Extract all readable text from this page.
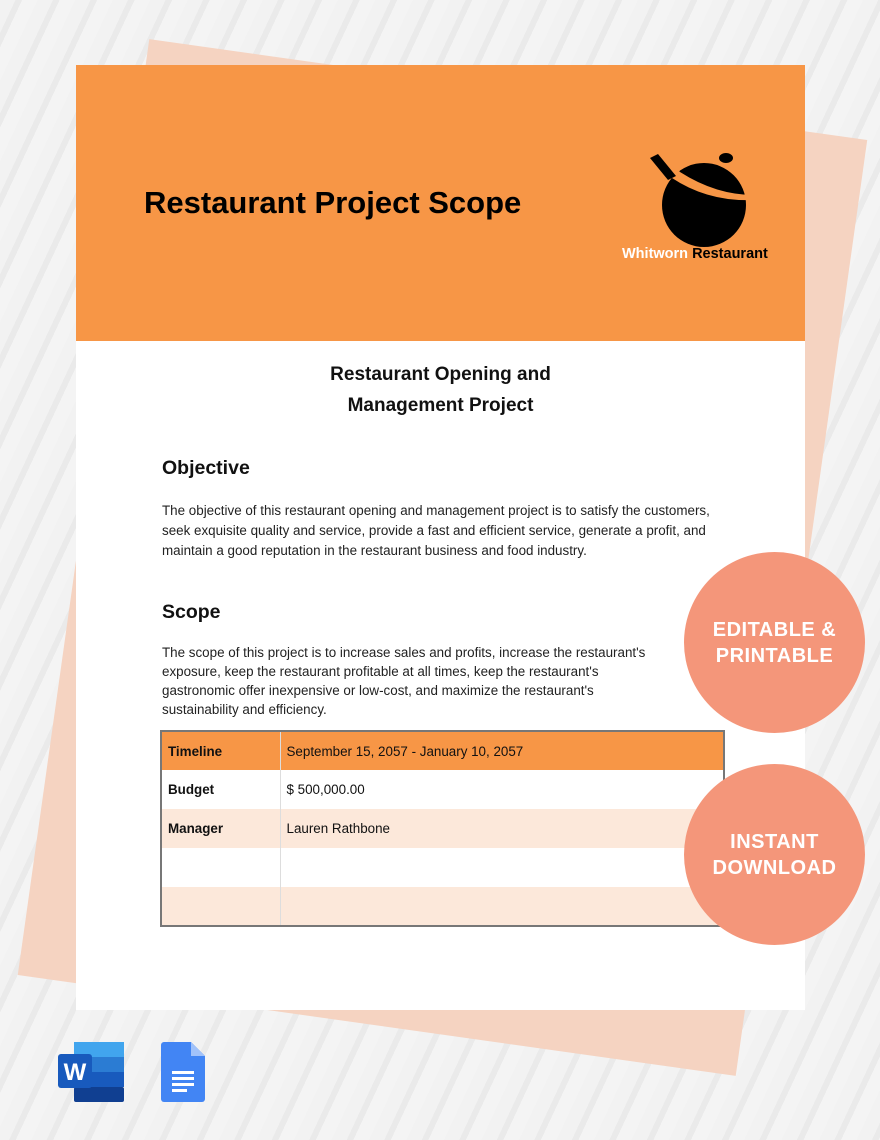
Restaurant Project Scope
Whitworn Restaurant
Restaurant Opening and
Management Project
Objective
The objective of this restaurant opening and management project is to satisfy the customers, seek exquisite quality and service, provide a fast and efficient service, generate a profit, and maintain a good reputation in the restaurant business and food industry.
Scope
The scope of this project is to increase sales and profits, increase the restaurant's exposure, keep the restaurant profitable at all times, keep the restaurant's gastronomic offer inexpensive or low-cost, and maximize the restaurant's sustainability and efficiency.
Timeline	September 15, 2057 - January 10, 2057
Budget	$ 500,000.00
Manager	Lauren Rathbone

EDITABLE &
PRINTABLE
INSTANT
DOWNLOAD
W
